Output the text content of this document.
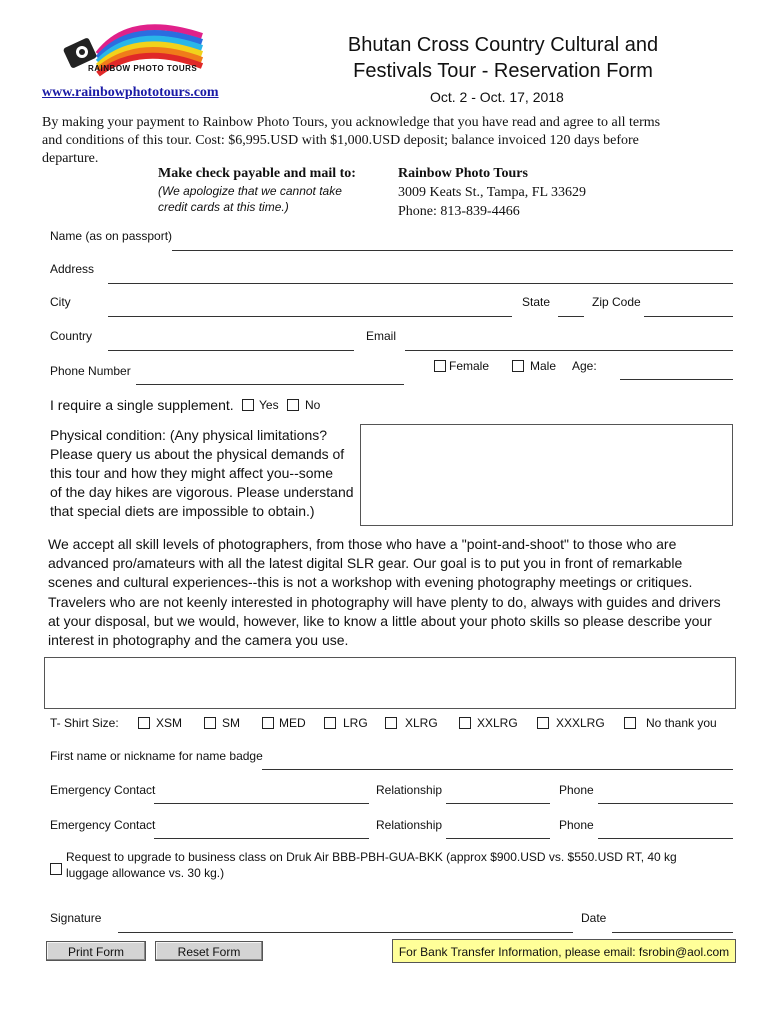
RAINBOW PHOTO TOURS
www.rainbowphototours.com
Bhutan Cross Country Cultural and
Festivals Tour - Reservation Form
Oct. 2 - Oct. 17, 2018
By making your payment to Rainbow Photo Tours, you acknowledge that you have read and agree to all terms
and conditions of this tour. Cost: $6,995.USD with $1,000.USD deposit; balance invoiced 120 days before
departure.
Make check payable and mail to:
(We apologize that we cannot take
credit cards at this time.)
Rainbow Photo Tours
3009 Keats St., Tampa, FL 33629
Phone: 813-839-4466
Name (as on passport)
Address
City	State	Zip Code
Country	Email
Phone Number	Female	Male Age:
I require a single supplement. Yes No
Physical condition: (Any physical limitations?
Please query us about the physical demands of
this tour and how they might affect you--some
of the day hikes are vigorous. Please understand
that special diets are impossible to obtain.)
We accept all skill levels of photographers, from those who have a "point-and-shoot" to those who are
advanced pro/amateurs with all the latest digital SLR gear. Our goal is to put you in front of remarkable
scenes and cultural experiences--this is not a workshop with evening photography meetings or critiques.
Travelers who are not keenly interested in photography will have plenty to do, always with guides and drivers
at your disposal, but we would, however, like to know a little about your photo skills so please describe your
interest in photography and the camera you use.
T- Shirt Size:	XSM	SM	MED	LRG	XLRG	XXLRG	XXXLRG	No thank you
First name or nickname for name badge
Emergency Contact	Relationship	Phone
Emergency Contact	Relationship	Phone
Request to upgrade to business class on Druk Air BBB-PBH-GUA-BKK (approx $900.USD vs. $550.USD RT, 40 kg
luggage allowance vs. 30 kg.)
Signature	Date
Print Form	Reset Form	For Bank Transfer Information, please email: fsrobin@aol.com
